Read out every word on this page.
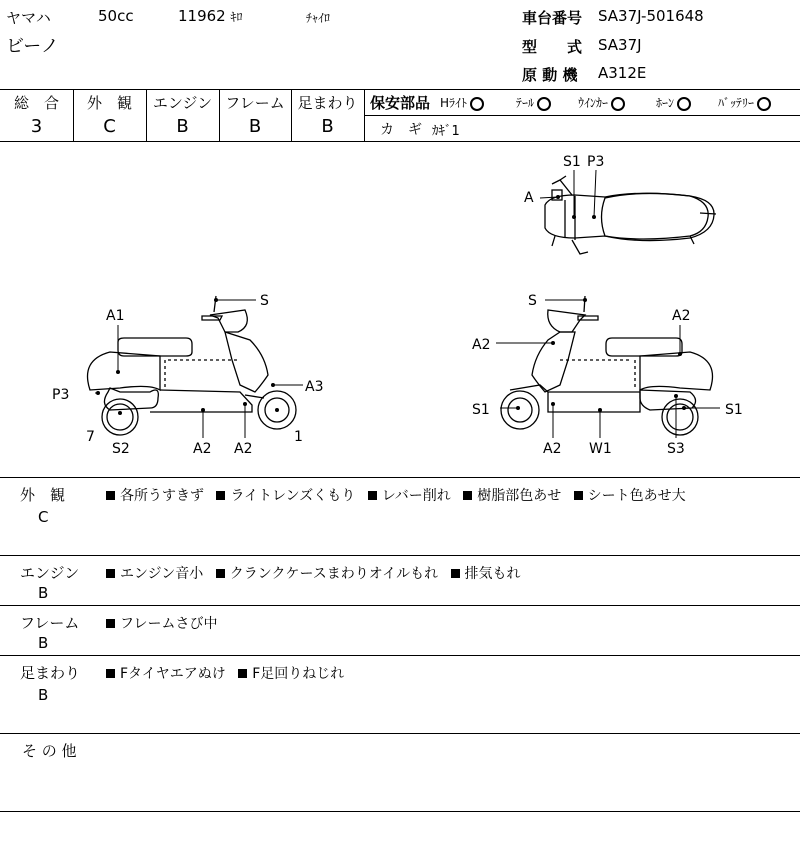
ヤマハ	50cc	11962 ｷﾛ	ﾁｬｲﾛ
ビーノ
車台番号 SA37J-501648
型　　式 SA37J
原 動 機 A312E
総　合
3
外　観
C
エンジン
B
フレーム
B
足まわり
B
保安部品 Hﾗｲﾄ	ﾃｰﾙ	ｳｲﾝｶｰ	ﾎｰﾝ	ﾊﾞｯﾃﾘｰ
カ　ギ ｶｷﾞ1
S1 P3
A
S
A1
A3
P3
7
S2	A2 A2
1
S
A2
A2
S1	S1
A2 W1	S3
外　観
C
各所うすきず ライトレンズくもり レバー削れ 樹脂部色あせ シート色あせ大
エンジン
B
エンジン音小 クランクケースまわりオイルもれ 排気もれ
フレーム
B
フレームさび中
足まわり
B
Fタイヤエアぬけ F足回りねじれ
そ の 他
